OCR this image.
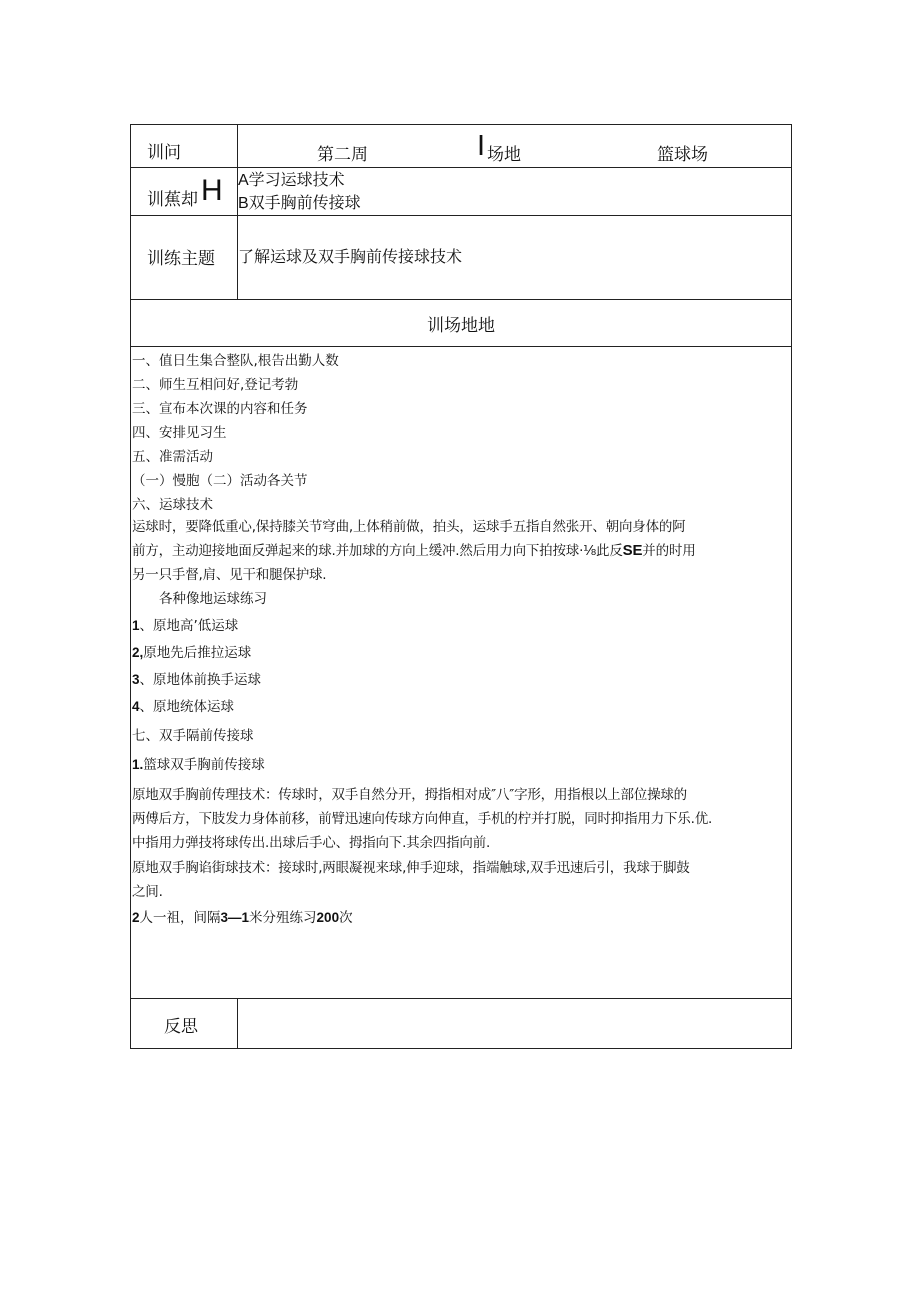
训问	第二周	I 场地	篮球场
训蕉却 H A学习运球技术
B双手胸前传接球
训练主题 了解运球及双手胸前传接球技术
训场地地
一、值日生集合整队,根告出勤人数
二、师生互相问好,登记考勃
三、宣布本次课的内容和任务
四、安排见习生
五、准需活动
（一）慢胞（二）活动各关节
六、运球技术
运球时，要降低重心,保持膝关节穹曲,上体稍前做，拍头，运球手五指自然张开、朝向身体的阿
前方，主动迎接地面反弹起来的球.并加球的方向上缓冲.然后用力向下拍按球·⅛此反SE并的时用
另一只手督,肩、见干和腿保护球.
各种像地运球练习
1、原地高’低运球
2,原地先后推拉运球
3、原地体前换手运球
4、原地统体运球
七、双手隔前传接球
1.篮球双手胸前传接球
原地双手胸前传理技术：传球时，双手自然分开，拇指相对成″八″字形，用指根以上部位操球的
两傅后方，下肢发力身体前移，前臂迅速向传球方向伸直，手机的柠并打脱，同时抑指用力下乐.优.
中指用力弹技将球传出.出球后手心、拇指向下.其余四指向前.
原地双手胸谄街球技术：接球时,两眼凝视来球,伸手迎球，指端触球,双手迅速后引，我球于脚鼓
之间.
2人一祖，间隔3—1米分殂练习200次
反思
